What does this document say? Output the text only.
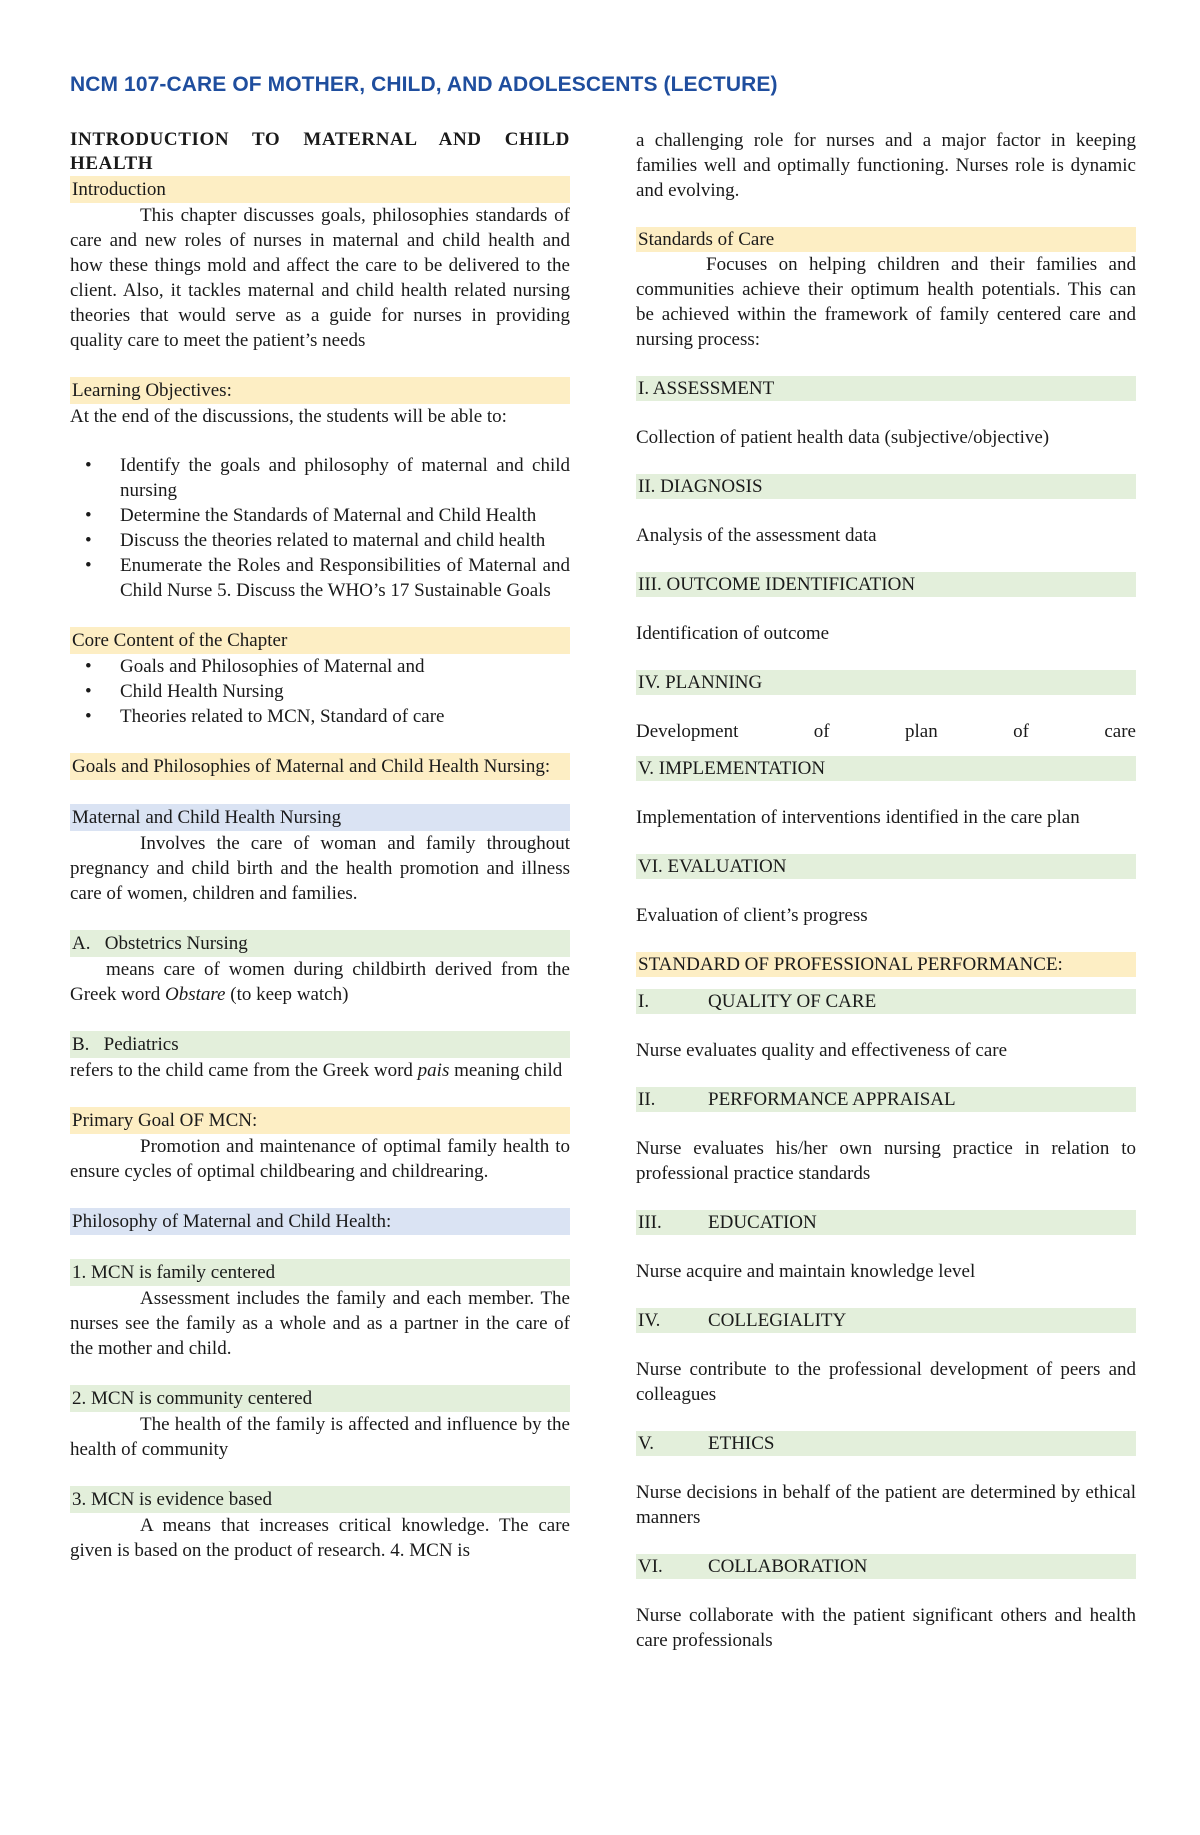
NCM 107-CARE OF MOTHER, CHILD, AND ADOLESCENTS (LECTURE)

INTRODUCTION TO MATERNAL AND CHILD HEALTH

Introduction

This chapter discusses goals, philosophies standards of care and new roles of nurses in maternal and child health and how these things mold and affect the care to be delivered to the client. Also, it tackles maternal and child health related nursing theories that would serve as a guide for nurses in providing quality care to meet the patient’s needs

Learning Objectives:

At the end of the discussions, the students will be able to:

• Identify the goals and philosophy of maternal and child nursing
• Determine the Standards of Maternal and Child Health
• Discuss the theories related to maternal and child health
• Enumerate the Roles and Responsibilities of Maternal and Child Nurse 5. Discuss the WHO’s 17 Sustainable Goals
Core Content of the Chapter
• Goals and Philosophies of Maternal and
• Child Health Nursing
• Theories related to MCN, Standard of care
Goals and Philosophies of Maternal and Child Health Nursing:
Maternal and Child Health Nursing

Involves the care of woman and family throughout pregnancy and child birth and the health promotion and illness care of women, children and families.

A.   Obstetrics Nursing

means care of women during childbirth derived from the Greek word Obstare (to keep watch)

B.   Pediatrics

refers to the child came from the Greek word pais meaning child

Primary Goal OF MCN:

Promotion and maintenance of optimal family health to ensure cycles of optimal childbearing and childrearing.

Philosophy of Maternal and Child Health:
1. MCN is family centered

Assessment includes the family and each member. The nurses see the family as a whole and as a partner in the care of the mother and child.

2. MCN is community centered

The health of the family is affected and influence by the health of community

3. MCN is evidence based

A means that increases critical knowledge. The care given is based on the product of research. 4. MCN is

a challenging role for nurses and a major factor in keeping families well and optimally functioning. Nurses role is dynamic and evolving.

Standards of Care

Focuses on helping children and their families and communities achieve their optimum health potentials. This can be achieved within the framework of family centered care and nursing process:

I. ASSESSMENT

Collection of patient health data (subjective/objective)

II. DIAGNOSIS

Analysis of the assessment data

III. OUTCOME IDENTIFICATION

Identification of outcome

IV. PLANNING

Development of plan of care

V. IMPLEMENTATION

Implementation of interventions identified in the care plan

VI. EVALUATION

Evaluation of client’s progress

STANDARD OF PROFESSIONAL PERFORMANCE:
I.	QUALITY OF CARE

Nurse evaluates quality and effectiveness of care

II.	PERFORMANCE APPRAISAL

Nurse evaluates his/her own nursing practice in relation to professional practice standards

III. EDUCATION

Nurse acquire and maintain knowledge level

IV.	COLLEGIALITY

Nurse contribute to the professional development of peers and colleagues

V.	ETHICS

Nurse decisions in behalf of the patient are determined by ethical manners

VI. COLLABORATION

Nurse collaborate with the patient significant others and health care professionals
